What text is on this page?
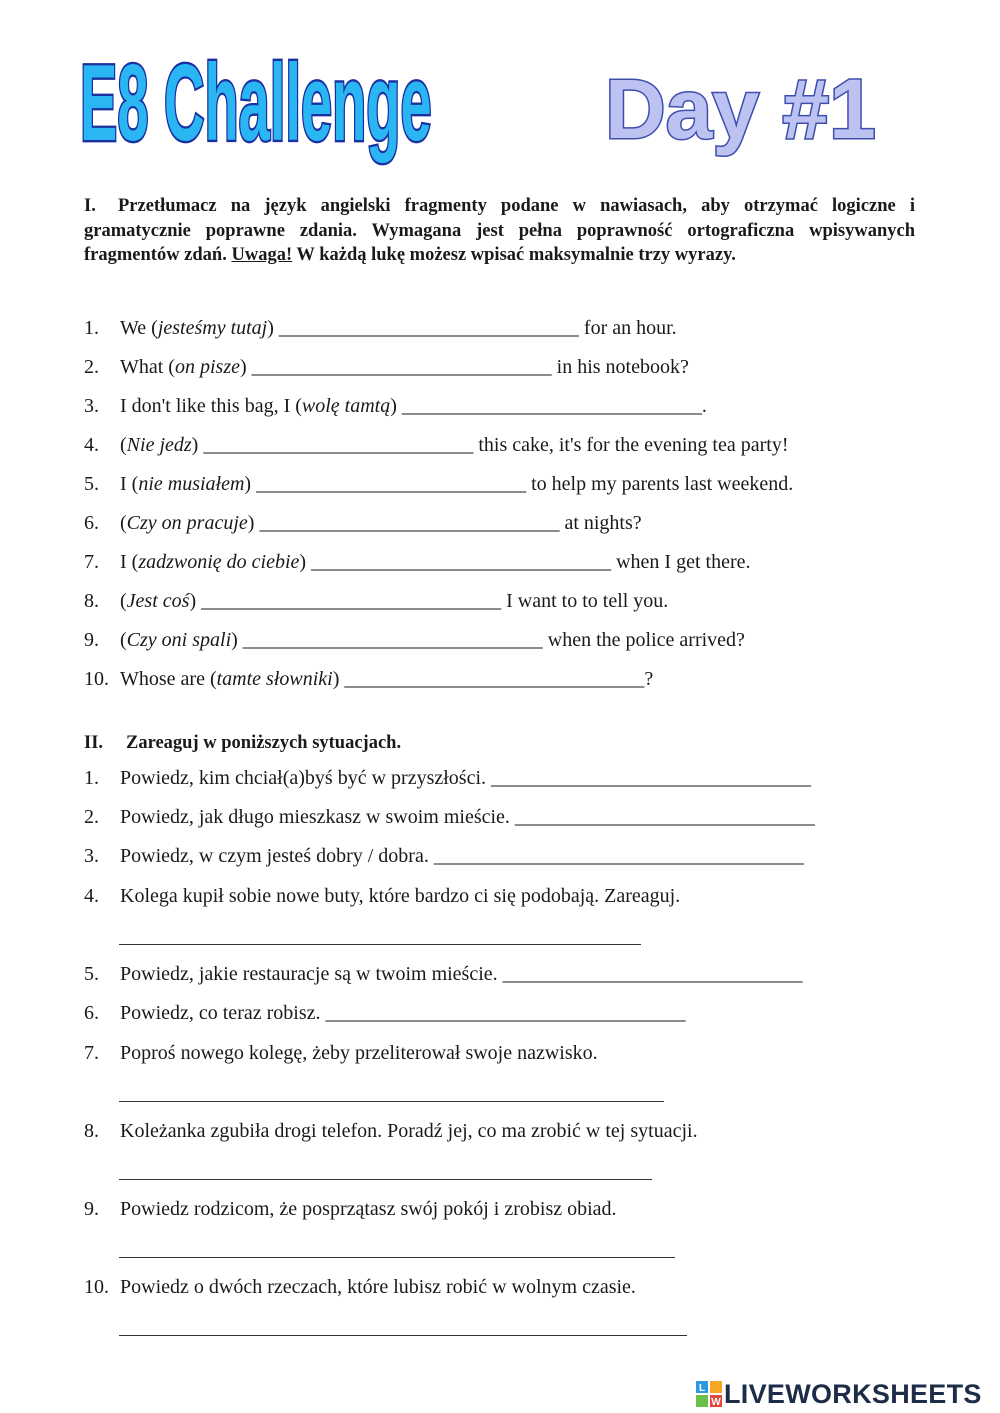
E8 Challenge Day #1

I. Przetłumacz na język angielski fragmenty podane w nawiasach, aby otrzymać logiczne i gramatycznie poprawne zdania. Wymagana jest pełna poprawność ortograficzna wpisywanych fragmentów zdań. Uwaga! W każdą lukę możesz wpisać maksymalnie trzy wyrazy.

1. We (jesteśmy tutaj) ______________________________ for an hour.
2. What (on pisze) ______________________________ in his notebook?
3. I don't like this bag, I (wolę tamtą) ______________________________.
4. (Nie jedz) ___________________________ this cake, it's for the evening tea party!
5. I (nie musiałem) ___________________________ to help my parents last weekend.
6. (Czy on pracuje) ______________________________ at nights?
7. I (zadzwonię do ciebie) ______________________________ when I get there.
8. (Jest coś) ______________________________ I want to to tell you.
9. (Czy oni spali) ______________________________ when the police arrived?
10. Whose are (tamte słowniki) ______________________________?
II. Zareaguj w poniższych sytuacjach.
1. Powiedz, kim chciał(a)byś być w przyszłości. ________________________________
2. Powiedz, jak długo mieszkasz w swoim mieście. ______________________________
3. Powiedz, w czym jesteś dobry / dobra. _____________________________________
4. Kolega kupił sobie nowe buty, które bardzo ci się podobają. Zareaguj.
5. Powiedz, jakie restauracje są w twoim mieście. ______________________________
6. Powiedz, co teraz robisz. ____________________________________
7. Poproś nowego kolegę, żeby przeliterował swoje nazwisko.
8. Koleżanka zgubiła drogi telefon. Poradź jej, co ma zrobić w tej sytuacji.
9. Powiedz rodzicom, że posprzątasz swój pokój i zrobisz obiad.
10. Powiedz o dwóch rzeczach, które lubisz robić w wolnym czasie.
L
W LIVEWORKSHEETS
